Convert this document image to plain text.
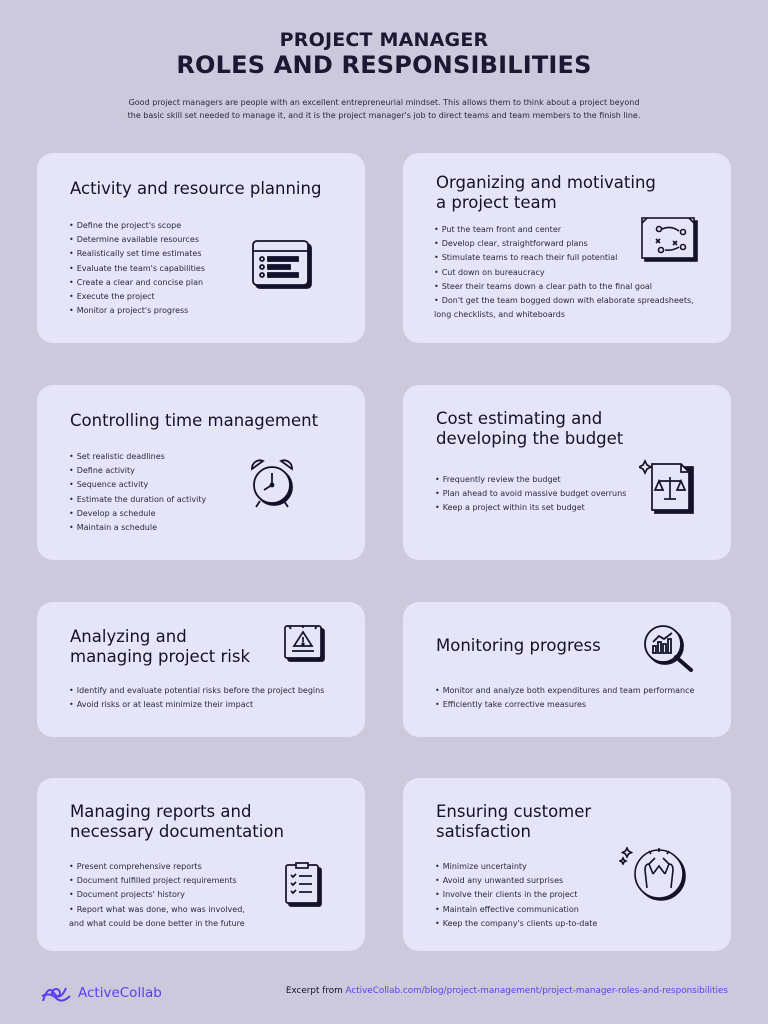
PROJECT MANAGER
ROLES AND RESPONSIBILITIES
Good project managers are people with an excellent entrepreneurial mindset. This allows them to think about a project beyond
the basic skill set needed to manage it, and it is the project manager's job to direct teams and team members to the finish line.
Activity and resource planning
• Define the project's scope
• Determine available resources
• Realistically set time estimates
• Evaluate the team's capabilities
• Create a clear and concise plan
• Execute the project
• Monitor a project's progress
Organizing and motivating
a project team
• Put the team front and center
• Develop clear, straightforward plans
• Stimulate teams to reach their full potential
• Cut down on bureaucracy
• Steer their teams down a clear path to the final goal
• Don't get the team bogged down with elaborate spreadsheets,
long checklists, and whiteboards
Controlling time management
• Set realistic deadlines
• Define activity
• Sequence activity
• Estimate the duration of activity
• Develop a schedule
• Maintain a schedule
Cost estimating and
developing the budget
• Frequently review the budget
• Plan ahead to avoid massive budget overruns
• Keep a project within its set budget
Analyzing and
managing project risk
• Identify and evaluate potential risks before the project begins
• Avoid risks or at least minimize their impact
Monitoring progress
• Monitor and analyze both expenditures and team performance
• Efficiently take corrective measures
Managing reports and
necessary documentation
• Present comprehensive reports
• Document fulfilled project requirements
• Document projects' history
• Report what was done, who was involved,
and what could be done better in the future
Ensuring customer
satisfaction
• Minimize uncertainty
• Avoid any unwanted surprises
• Involve their clients in the project
• Maintain effective communication
• Keep the company's clients up-to-date
ActiveCollab	Excerpt from ActiveCollab.com/blog/project-management/project-manager-roles-and-responsibilities
